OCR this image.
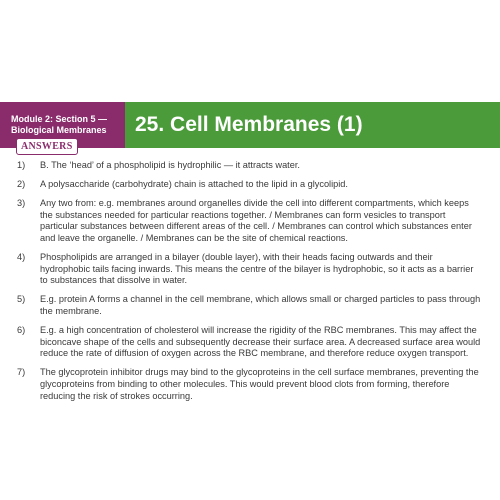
Module 2: Section 5 —
Biological Membranes	25. Cell Membranes (1)
ANSWERS
1) B. The ‘head’ of a phospholipid is hydrophilic — it attracts water.
2) A polysaccharide (carbohydrate) chain is attached to the lipid in a glycolipid.
3) Any two from: e.g. membranes around organelles divide the cell into different compartments, which keeps the substances needed for particular reactions together. / Membranes can form vesicles to transport particular substances between different areas of the cell. / Membranes can control which substances enter and leave the organelle. / Membranes can be the site of chemical reactions.
4) Phospholipids are arranged in a bilayer (double layer), with their heads facing outwards and their hydrophobic tails facing inwards. This means the centre of the bilayer is hydrophobic, so it acts as a barrier to substances that dissolve in water.
5) E.g. protein A forms a channel in the cell membrane, which allows small or charged particles to pass through the membrane.
6) E.g. a high concentration of cholesterol will increase the rigidity of the RBC membranes. This may affect the biconcave shape of the cells and subsequently decrease their surface area. A decreased surface area would reduce the rate of diffusion of oxygen across the RBC membrane, and therefore reduce oxygen transport.
7) The glycoprotein inhibitor drugs may bind to the glycoproteins in the cell surface membranes, preventing the glycoproteins from binding to other molecules. This would prevent blood clots from forming, therefore reducing the risk of strokes occurring.
